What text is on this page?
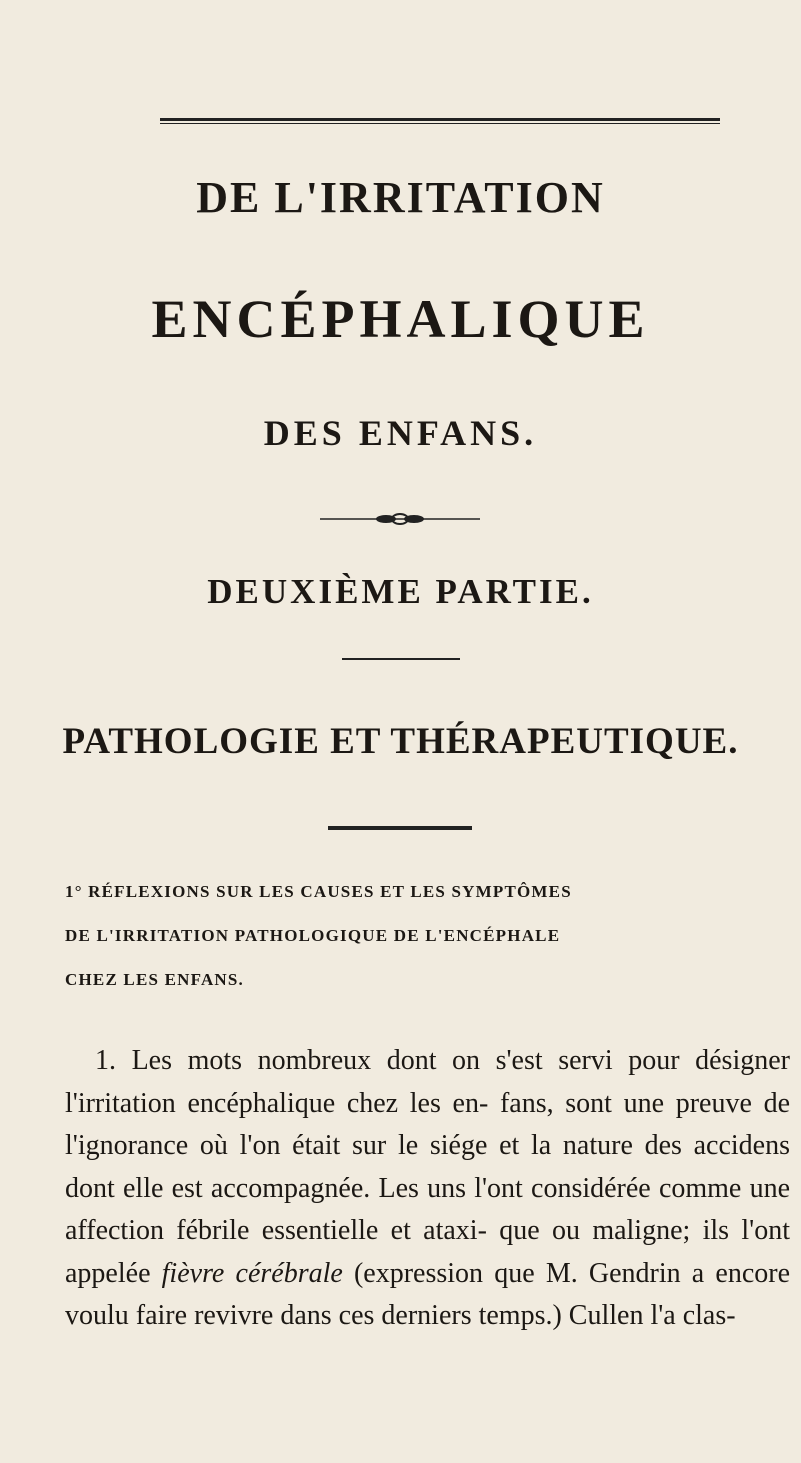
DE L'IRRITATION
ENCÉPHALIQUE
DES ENFANS.
DEUXIÈME PARTIE.
PATHOLOGIE ET THÉRAPEUTIQUE.
1° RÉFLEXIONS SUR LES CAUSES ET LES SYMPTÔMES
DE L'IRRITATION PATHOLOGIQUE DE L'ENCÉPHALE
CHEZ LES ENFANS.
1. Les mots nombreux dont on s'est servi pour désigner l'irritation encéphalique chez les en- fans, sont une preuve de l'ignorance où l'on était sur le siége et la nature des accidens dont elle est accompagnée. Les uns l'ont considérée comme une affection fébrile essentielle et ataxi- que ou maligne; ils l'ont appelée fièvre cérébrale (expression que M. Gendrin a encore voulu faire revivre dans ces derniers temps.) Cullen l'a clas-
